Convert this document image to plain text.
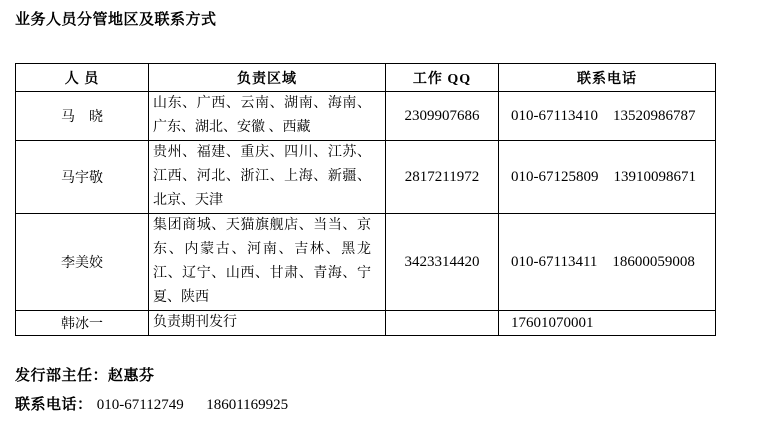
业务人员分管地区及联系方式
人 员	负责区域	工作 QQ	联系电话
马　晓	山东、广西、云南、湖南、海南、广东、湖北、安徽 、西藏	2309907686	010-67113410    13520986787
马宇敬	贵州、福建、重庆、四川、江苏、江西、河北、浙江、上海、新疆、北京、天津	2817211972	010-67125809    13910098671
李美姣	集团商城、天猫旗舰店、当当、京东、内蒙古、河南、吉林、黑龙江、辽宁、山西、甘肃、青海、宁夏、陕西	3423314420	010-67113411    18600059008
韩冰一	负责期刊发行		17601070001

发行部主任：赵惠芬

联系电话： 010-67112749      18601169925
